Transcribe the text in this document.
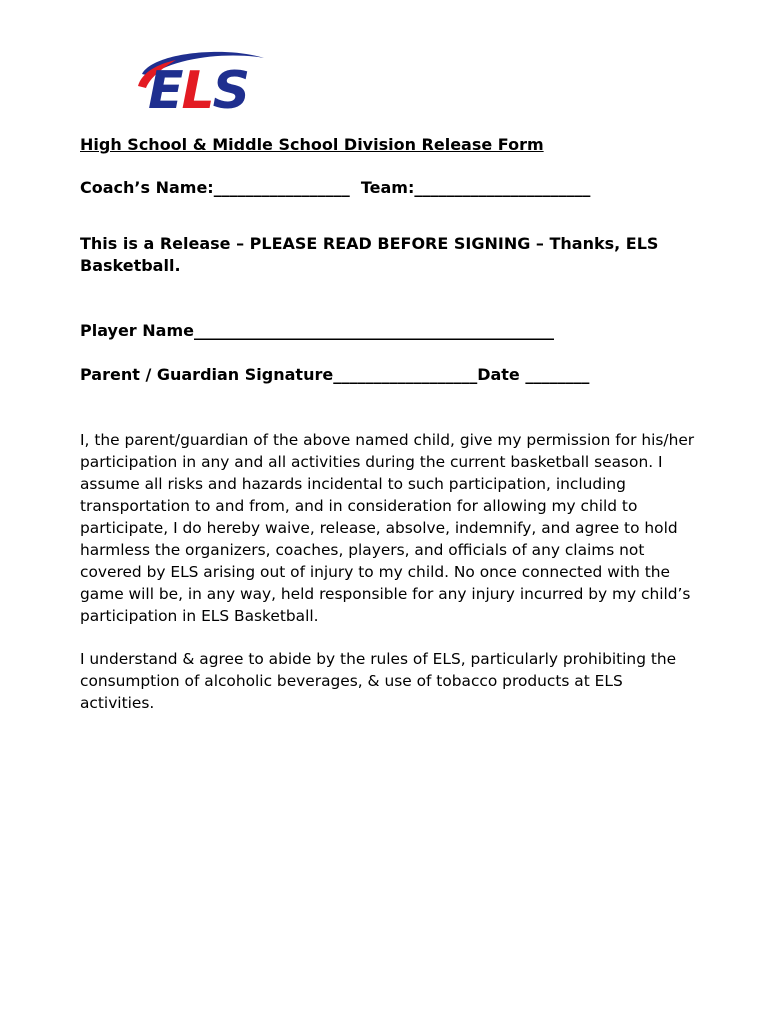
ELS
High School & Middle School Division Release Form
Coach’s Name:_________________  Team:______________________
This is a Release – PLEASE READ BEFORE SIGNING – Thanks, ELS Basketball.
Player Name_____________________________________________
Parent / Guardian Signature__________________Date ________

I, the parent/guardian of the above named child, give my permission for his/her participation in any and all activities during the current basketball season. I assume all risks and hazards incidental to such participation, including transportation to and from, and in consideration for allowing my child to participate, I do hereby waive, release, absolve, indemnify, and agree to hold harmless the organizers, coaches, players, and officials of any claims not covered by ELS arising out of injury to my child. No once connected with the game will be, in any way, held responsible for any injury incurred by my child’s participation in ELS Basketball.

I understand & agree to abide by the rules of ELS, particularly prohibiting the consumption of alcoholic beverages, & use of tobacco products at ELS activities.
